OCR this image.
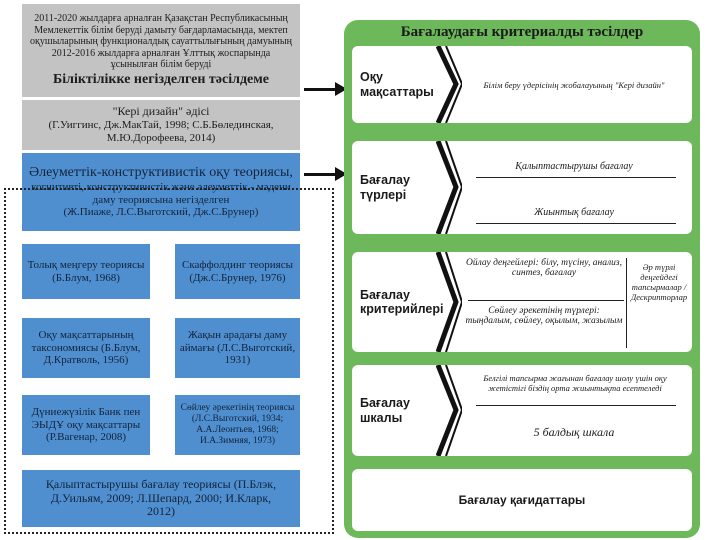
2011-2020 жылдарға арналған Қазақстан Республикасының Мемлекеттік білім беруді дамыту бағдарламасында, мектеп оқушыларының функционалдық сауаттылығының дамуының 2012-2016 жылдарға арналған Ұлттық жоспарында ұсынылған білім беруді
Біліктілікке негізделген тәсілдеме
"Кері дизайн" әдісі
(Г.Уиггинс, Дж.МакТай, 1998; С.Б.Бөлединская, М.Ю.Дорофеева, 2014)
Әлеуметтік-конструктивистік оқу теориясы,
когнитивті, конструктивистік және әлеуметтік - мәдени даму теориясына негізделген
(Ж.Пиаже, Л.С.Выготский, Дж.С.Брунер)
Толық меңгеру теориясы (Б.Блум, 1968)
Скаффолдинг теориясы (Дж.С.Брунер, 1976)
Оқу мақсаттарының таксономиясы (Б.Блум, Д.Кратволь, 1956)
Жақын арадағы даму аймағы (Л.С.Выготский, 1931)
Дүниежүзілік Банк пен ЭЫДҰ оқу мақсаттары (Р.Вагенар, 2008)
Сөйлеу әрекетінің теориясы (Л.С.Выготский, 1934; А.А.Леонтьев, 1968; И.А.Зимняя, 1973)
Қалыптастырушы бағалау теориясы (П.Блэк, Д.Уильям, 2009; Л.Шепард, 2000; И.Кларк, 2012)
Бағалаудағы критериалды тәсілдер
Оқу мақсаттары	Білім беру үдерісінің жобалауының "Кері дизайн"
Бағалау түрлері
Қалыптастырушы бағалау
Жиынтық бағалау
Бағалау критерийлері
Ойлау деңгейлері: білу, түсіну, анализ, синтез, бағалау
Сөйлеу әрекетінің түрлері: тыңдалым, сөйлеу, оқылым, жазылым
Әр түрлі деңгейдегі тапсырмалар / Дескрипторлар
Бағалау шкалы
Белгілі тапсырма жағынан бағалау шолу үшін оқу жетістігі біздің орта жиынтықта есептеледі
5 балдық шкала
Бағалау қағидаттары
